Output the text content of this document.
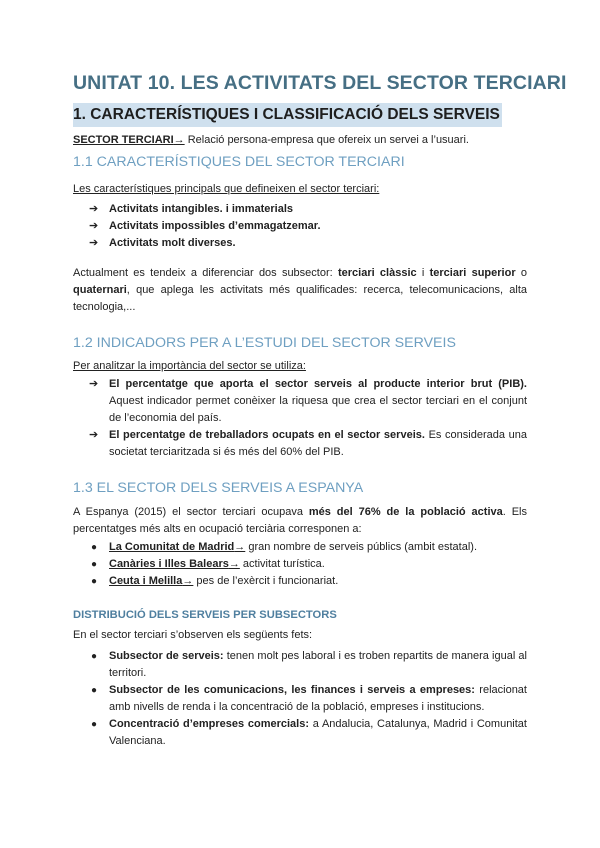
UNITAT 10. LES ACTIVITATS DEL SECTOR TERCIARI
1. CARACTERÍSTIQUES I CLASSIFICACIÓ DELS SERVEIS

SECTOR TERCIARI→ Relació persona-empresa que ofereix un servei a l’usuari.

1.1 CARACTERÍSTIQUES DEL SECTOR TERCIARI

Les característiques principals que defineixen el sector terciari:

➔ Activitats intangibles. i immaterials
➔ Activitats impossibles d’emmagatzemar.
➔ Activitats molt diverses.

Actualment es tendeix a diferenciar dos subsector: terciari clàssic i terciari superior o quaternari, que aplega les activitats més qualificades: recerca, telecomunicacions, alta tecnologia,...

1.2 INDICADORS PER A L’ESTUDI DEL SECTOR SERVEIS

Per analitzar la importància del sector se utiliza:

➔ El percentatge que aporta el sector serveis al producte interior brut (PIB). Aquest indicador permet conèixer la riquesa que crea el sector terciari en el conjunt de l’economia del país.
➔ El percentatge de treballadors ocupats en el sector serveis. Es considerada una societat terciaritzada si és més del 60% del PIB.
1.3 EL SECTOR DELS SERVEIS A ESPANYA

A Espanya (2015) el sector terciari ocupava més del 76% de la població activa. Els percentatges més alts en ocupació terciària corresponen a:

● La Comunitat de Madrid→ gran nombre de serveis públics (ambit estatal).
● Canàries i Illes Balears→ activitat turística.
● Ceuta i Melilla→ pes de l’exèrcit i funcionariat.
DISTRIBUCIÓ DELS SERVEIS PER SUBSECTORS

En el sector terciari s’observen els següents fets:

● Subsector de serveis: tenen molt pes laboral i es troben repartits de manera igual al territori.
● Subsector de les comunicacions, les finances i serveis a empreses: relacionat amb nivells de renda i la concentració de la població, empreses i institucions.
● Concentració d’empreses comercials: a Andalucia, Catalunya, Madrid i Comunitat Valenciana.
